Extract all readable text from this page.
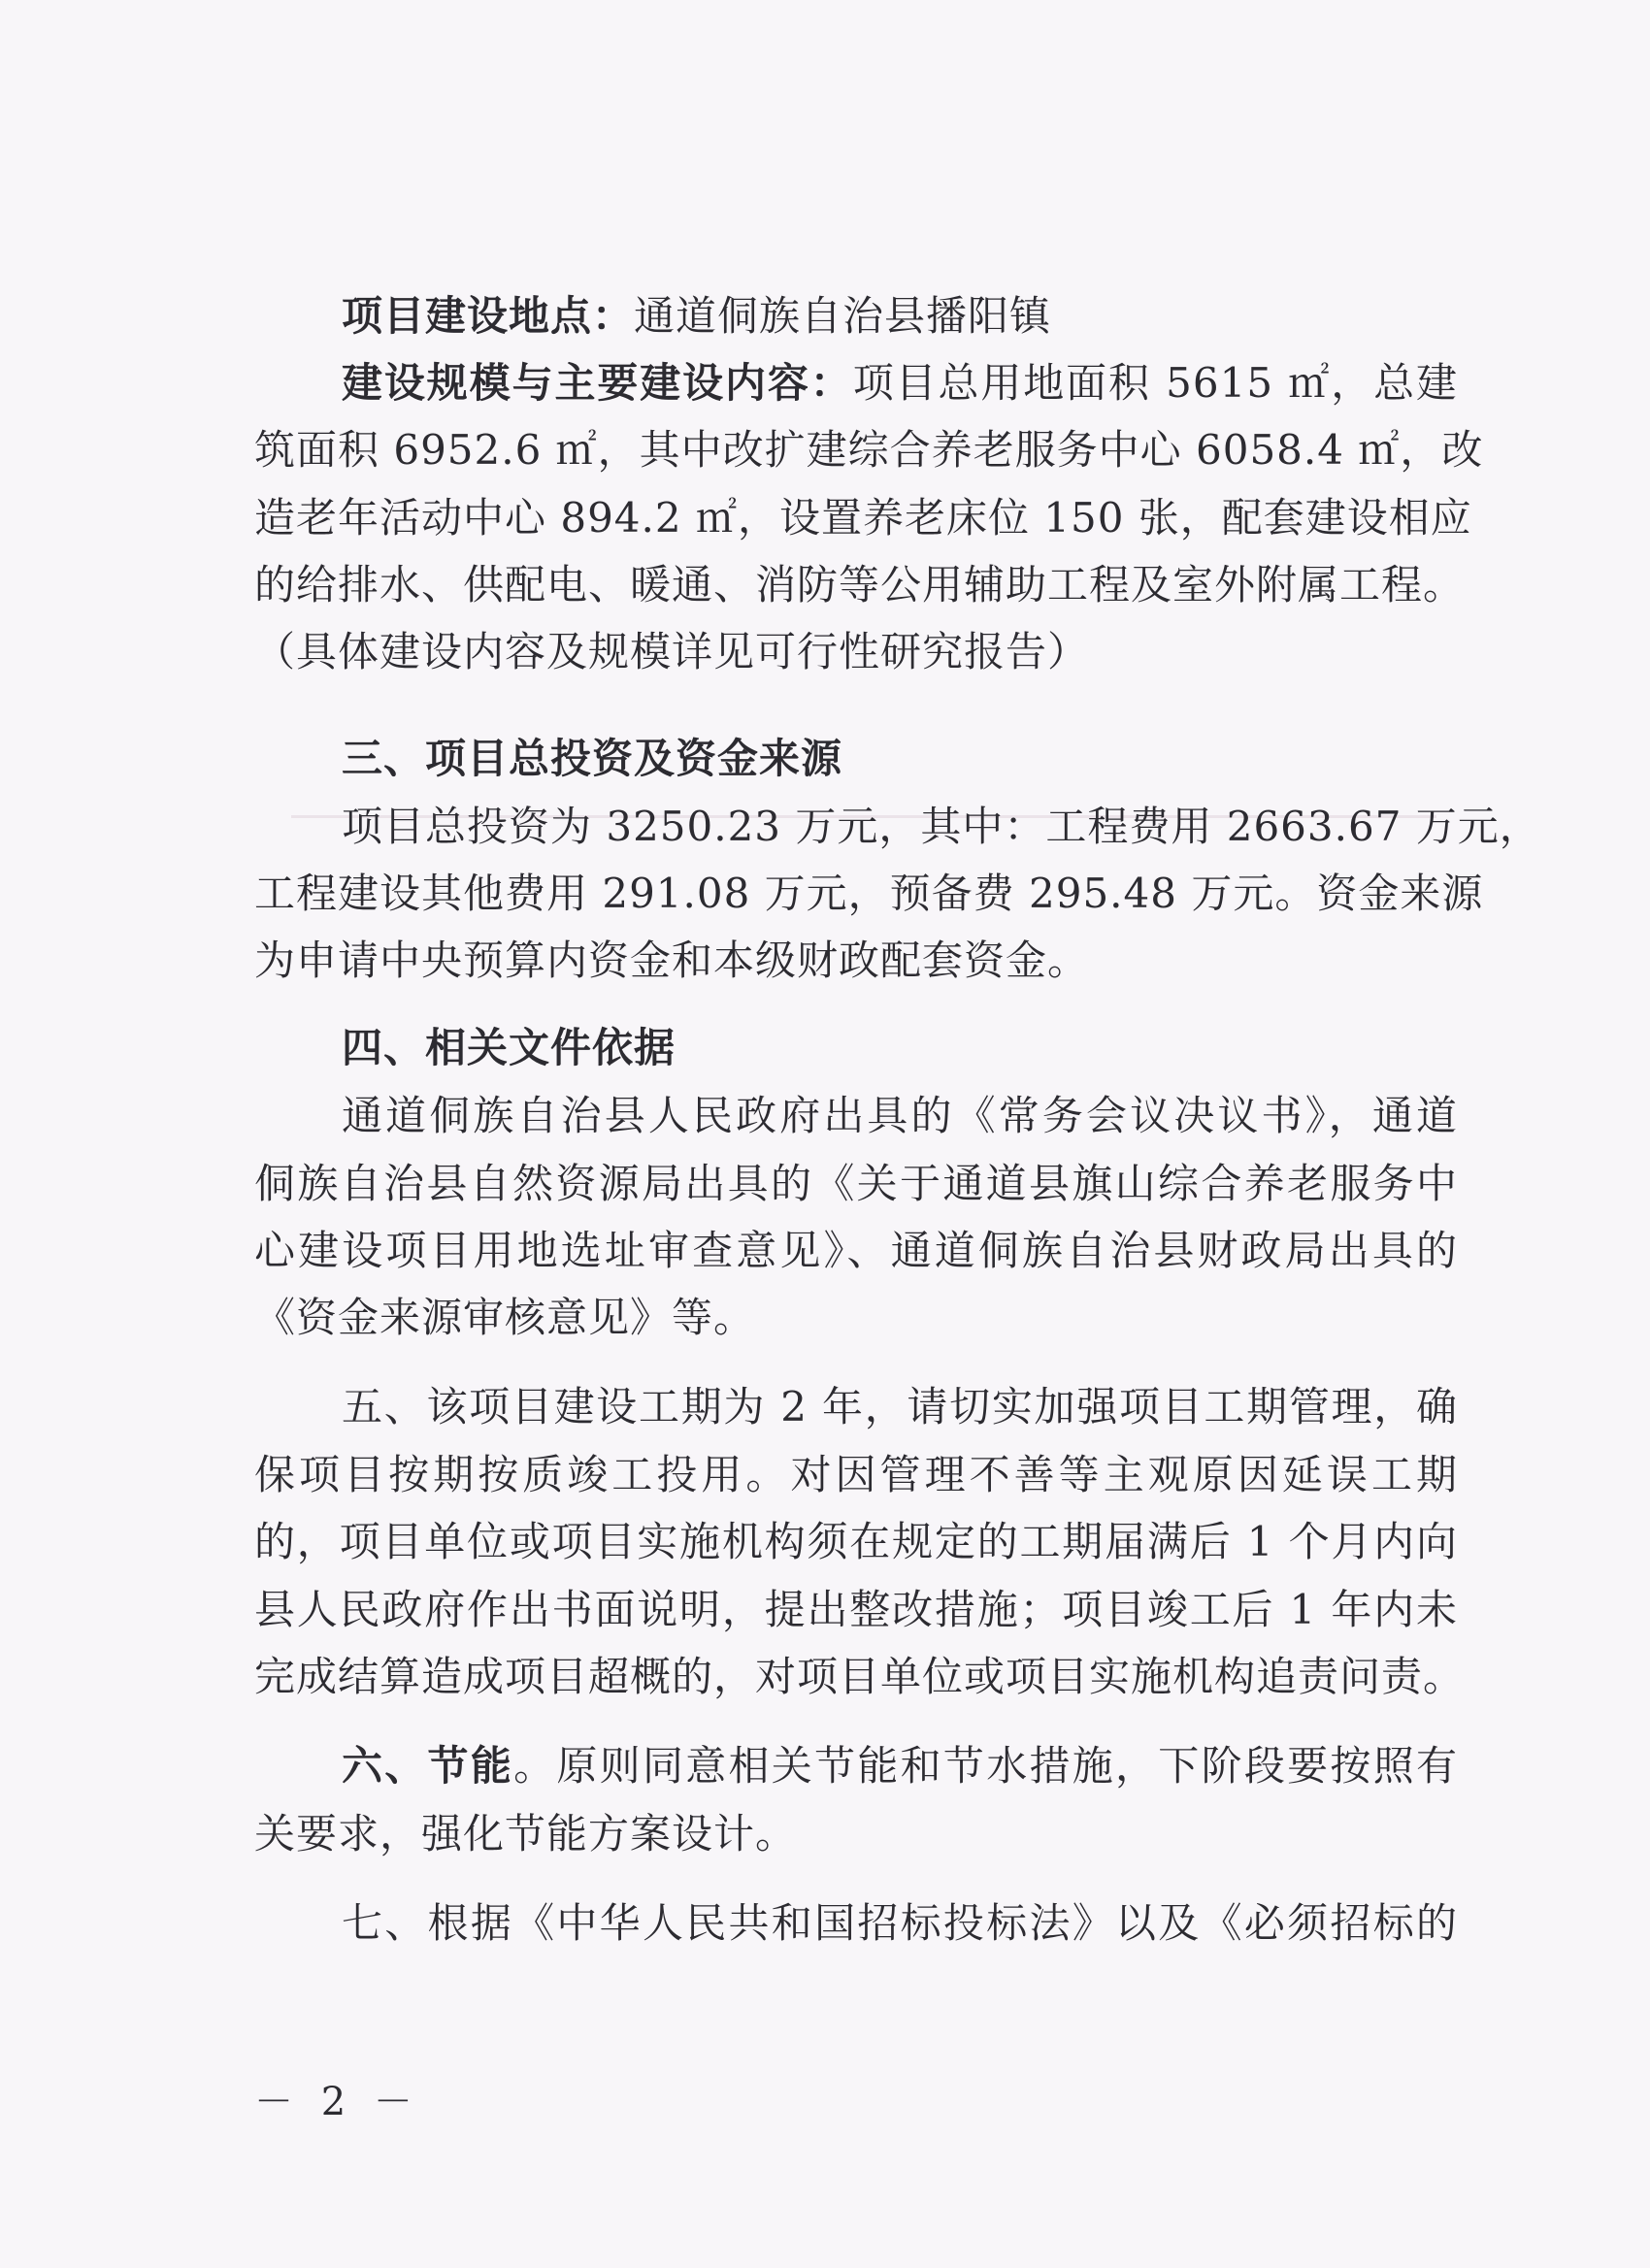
项目建设地点：通道侗族自治县播阳镇
建设规模与主要建设内容：项目总用地面积 5615 ㎡，总建
筑面积 6952.6 ㎡，其中改扩建综合养老服务中心 6058.4 ㎡，改
造老年活动中心 894.2 ㎡，设置养老床位 150 张，配套建设相应
的给排水、供配电、暖通、消防等公用辅助工程及室外附属工程。
（具体建设内容及规模详见可行性研究报告）
三、项目总投资及资金来源
项目总投资为 3250.23 万元，其中：工程费用 2663.67 万元，
工程建设其他费用 291.08 万元，预备费 295.48 万元。资金来源
为申请中央预算内资金和本级财政配套资金。
四、相关文件依据
通道侗族自治县人民政府出具的《常务会议决议书》，通道
侗族自治县自然资源局出具的《关于通道县旗山综合养老服务中
心建设项目用地选址审查意见》、通道侗族自治县财政局出具的
《资金来源审核意见》等。
五、该项目建设工期为 2 年，请切实加强项目工期管理，确
保项目按期按质竣工投用。对因管理不善等主观原因延误工期
的，项目单位或项目实施机构须在规定的工期届满后 1 个月内向
县人民政府作出书面说明，提出整改措施；项目竣工后 1 年内未
完成结算造成项目超概的，对项目单位或项目实施机构追责问责。
六、节能。原则同意相关节能和节水措施，下阶段要按照有
关要求，强化节能方案设计。
七、根据《中华人民共和国招标投标法》以及《必须招标的
－ 2 －
